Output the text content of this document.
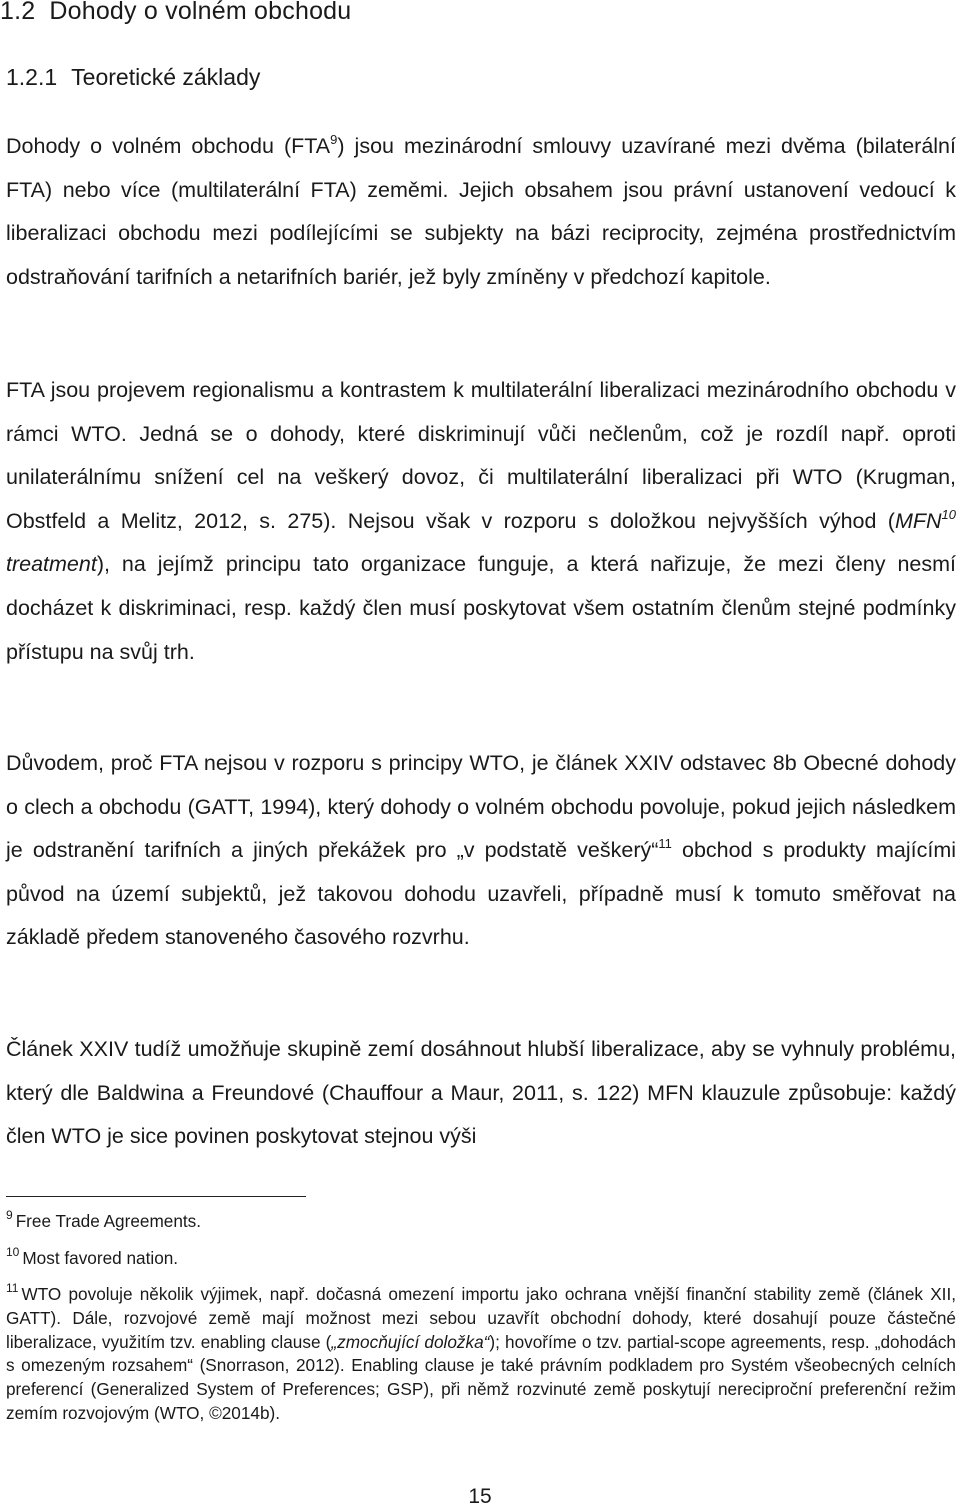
1.2 Dohody o volném obchodu
1.2.1 Teoretické základy

Dohody o volném obchodu (FTA$^9$) jsou mezinárodní smlouvy uzavírané mezi dvěma (bilaterální FTA) nebo více (multilaterální FTA) zeměmi. Jejich obsahem jsou právní ustanovení vedoucí k liberalizaci obchodu mezi podílejícími se subjekty na bázi reciprocity, zejména prostřednictvím odstraňování tarifních a netarifních bariér, jež byly zmíněny v předchozí kapitole.

FTA jsou projevem regionalismu a kontrastem k multilaterální liberalizaci mezinárodního obchodu v rámci WTO. Jedná se o dohody, které diskriminují vůči nečlenům, což je rozdíl např. oproti unilaterálnímu snížení cel na veškerý dovoz, či multilaterální liberalizaci při WTO (Krugman, Obstfeld a Melitz, 2012, s. 275). Nejsou však v rozporu s doložkou nejvyšších výhod (MFN$^{10}$ treatment), na jejímž principu tato organizace funguje, a která nařizuje, že mezi členy nesmí docházet k diskriminaci, resp. každý člen musí poskytovat všem ostatním členům stejné podmínky přístupu na svůj trh.

Důvodem, proč FTA nejsou v rozporu s principy WTO, je článek XXIV odstavec 8b Obecné dohody o clech a obchodu (GATT, 1994), který dohody o volném obchodu povoluje, pokud jejich následkem je odstranění tarifních a jiných překážek pro „v podstatě veškerý“$^{11}$ obchod s produkty majícími původ na území subjektů, jež takovou dohodu uzavřeli, případně musí k tomuto směřovat na základě předem stanoveného časového rozvrhu.

Článek XXIV tudíž umožňuje skupině zemí dosáhnout hlubší liberalizace, aby se vyhnuly problému, který dle Baldwina a Freundové (Chauffour a Maur, 2011, s. 122) MFN klauzule způsobuje: každý člen WTO je sice povinen poskytovat stejnou výši

$^9$ Free Trade Agreements.

$^{10}$ Most favored nation.

$^{11}$ WTO povoluje několik výjimek, např. dočasná omezení importu jako ochrana vnější finanční stability země (článek XII, GATT). Dále, rozvojové země mají možnost mezi sebou uzavřít obchodní dohody, které dosahují pouze částečné liberalizace, využitím tzv. enabling clause („zmocňující doložka“); hovoříme o tzv. partial-scope agreements, resp. „dohodách s omezeným rozsahem“ (Snorrason, 2012). Enabling clause je také právním podkladem pro Systém všeobecných celních preferencí (Generalized System of Preferences; GSP), při němž rozvinuté země poskytují nereciproční preferenční režim zemím rozvojovým (WTO, ©2014b).

15
